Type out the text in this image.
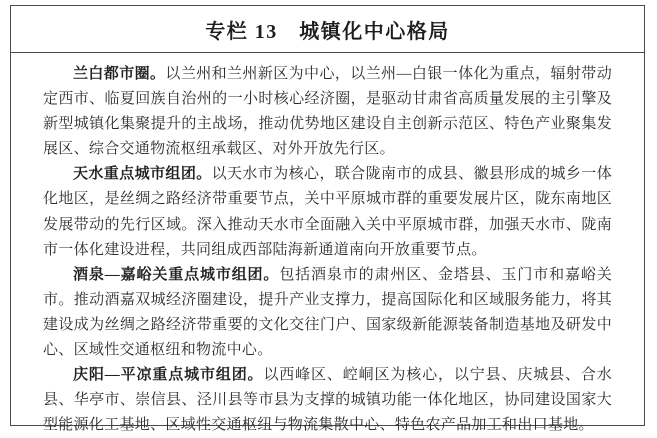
专栏 13　城镇化中心格局

兰白都市圈。以兰州和兰州新区为中心，以兰州—白银一体化为重点，辐射带动定西市、临夏回族自治州的一小时核心经济圈，是驱动甘肃省高质量发展的主引擎及新型城镇化集聚提升的主战场，推动优势地区建设自主创新示范区、特色产业聚集发展区、综合交通物流枢纽承载区、对外开放先行区。

天水重点城市组团。以天水市为核心，联合陇南市的成县、徽县形成的城乡一体化地区，是丝绸之路经济带重要节点，关中平原城市群的重要发展片区，陇东南地区发展带动的先行区域。深入推动天水市全面融入关中平原城市群，加强天水市、陇南市一体化建设进程，共同组成西部陆海新通道南向开放重要节点。

酒泉—嘉峪关重点城市组团。包括酒泉市的肃州区、金塔县、玉门市和嘉峪关市。推动酒嘉双城经济圈建设，提升产业支撑力，提高国际化和区域服务能力，将其建设成为丝绸之路经济带重要的文化交往门户、国家级新能源装备制造基地及研发中心、区域性交通枢纽和物流中心。

庆阳—平凉重点城市组团。以西峰区、崆峒区为核心，以宁县、庆城县、合水县、华亭市、崇信县、泾川县等市县为支撑的城镇功能一体化地区，协同建设国家大型能源化工基地、区域性交通枢纽与物流集散中心、特色农产品加工和出口基地。
